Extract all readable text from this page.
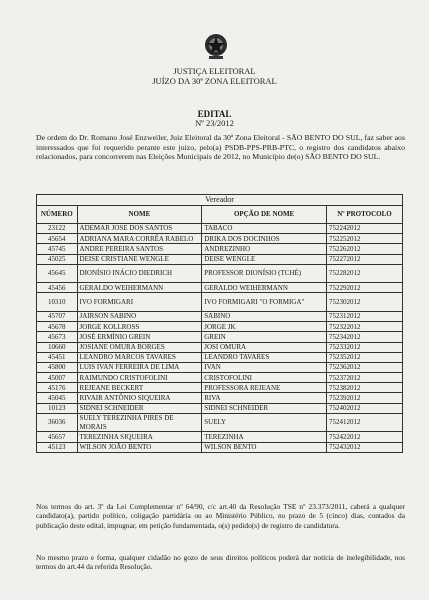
JUSTIÇA ELEITORAL
JUÍZO DA 30ª ZONA ELEITORAL
EDITAL
Nº 23/2012
De ordem do Dr. Romano José Enzweiler, Juiz Eleitoral da 30ª Zona Eleitoral - SÃO BENTO DO SUL, faz saber aos interessados que foi requerido perante este juízo, pelo(a) PSDB-PPS-PRB-PTC, o registro dos candidatos abaixo relacionados, para concorrerem nas Eleições Municipais de 2012, no Município de(o) SÃO BENTO DO SUL.
Vereador			
NÚMERO	NOME	OPÇÃO DE NOME	Nº PROTOCOLO
23122	ADEMAR JOSE DOS SANTOS	TABACO	752242012
45654	ADRIANA MARA CORRÊA RABELO	DRIKA DOS DOCINHOS	752252012
45745	ANDRE PEREIRA SANTOS	ANDREZINHO	752262012
45025	DEISE CRISTIANE WENGLE	DEISE WENGLE	752272012
45645	DIONÍSIO INÁCIO DIEDRICH	PROFESSOR DIONÍSIO (TCHÉ)	752282012
45456	GERALDO WEIHERMANN	GERALDO WEIHERMANN	752292012
10310	IVO FORMIGARI	IVO FORMIGARI "O FORMIGA"	752302012
45707	JAIRSON SABINO	SABINO	752312012
45678	JORGE KOLLROSS	JORGE JK	752322012
45673	JOSÉ ERMÍNIO GREIN	GREIN	752342012
10660	JOSIANE OMURA BORGES	JOSI OMURA	752332012
45451	LEANDRO MARCOS TAVARES	LEANDRO TAVARES	752352012
45800	LUIS IVAN FERREIRA DE LIMA	IVAN	752362012
45007	RAIMUNDO CRISTOFOLINI	CRISTOFOLINI	752372012
45176	REJEANE BECKERT	PROFESSORA REJEANE	752382012
45045	RIVAIR ANTÔNIO SIQUEIRA	RIVA	752392012
10123	SIDNEI SCHNEIDER	SIDNEI SCHNEIDER	752402012
36036	SUELY TEREZINHA PIRES DE MORAIS	SUELY	752412012
45657	TEREZINHA SIQUEIRA	TEREZINHA	752422012
45123	WILSON JOÃO BENTO	WILSON BENTO	752432012
Nos termos do art. 3º da Lei Complementar nº 64/90, c/c art.40 da Resolução TSE nº 23.373/2011, caberá a qualquer candidato(a), partido político, coligação partidária ou ao Ministério Público, no prazo de 5 (cinco) dias, contados da publicação deste edital, impugnar, em petição fundamentada, o(s) pedido(s) de registro de candidatura.
No mesmo prazo e forma, qualquer cidadão no gozo de seus direitos políticos poderá dar notícia de inelegibilidade, nos termos do art.44 da referida Resolução.
